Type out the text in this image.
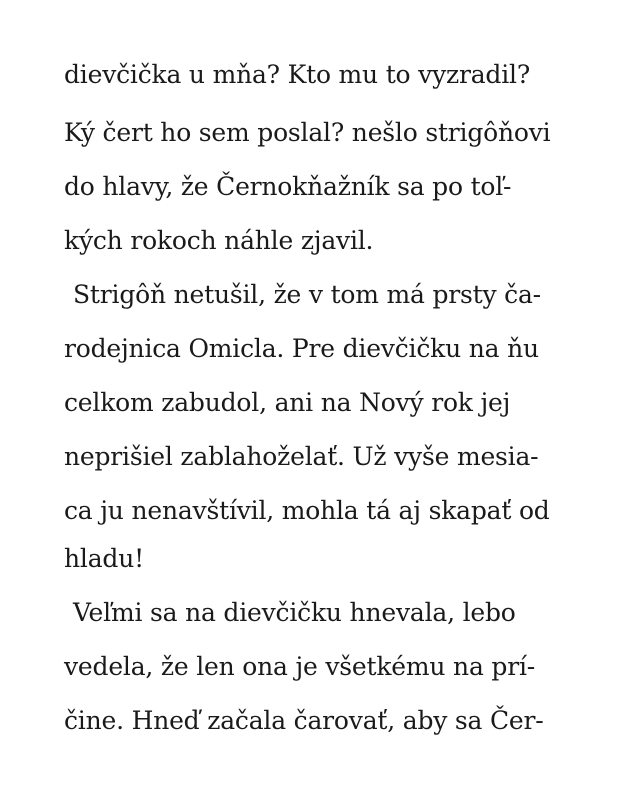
dievčička u mňa? Kto mu to vyzradil?
Ký čert ho sem poslal? nešlo strigôňovi
do hlavy, že Černokňažník sa po toľ-
kých rokoch náhle zjavil.
Strigôň netušil, že v tom má prsty ča-
rodejnica Omicla. Pre dievčičku na ňu
celkom zabudol, ani na Nový rok jej
neprišiel zablahoželať. Už vyše mesia-
ca ju nenavštívil, mohla tá aj skapať od
hladu!
Veľmi sa na dievčičku hnevala, lebo
vedela, že len ona je všetkému na prí-
čine. Hneď začala čarovať, aby sa Čer-
